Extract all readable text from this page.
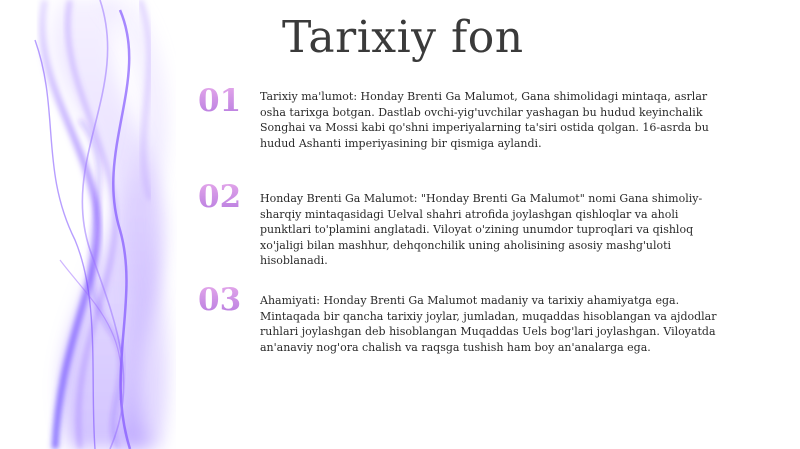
Tarixiy fon
01	Tarixiy ma'lumot: Honday Brenti Ga Malumot, Gana shimolidagi mintaqa, asrlar osha tarixga botgan. Dastlab ovchi-yig'uvchilar yashagan bu hudud keyinchalik Songhai va Mossi kabi qo'shni imperiyalarning ta'siri ostida qolgan. 16-asrda bu hudud Ashanti imperiyasining bir qismiga aylandi.
02	Honday Brenti Ga Malumot: "Honday Brenti Ga Malumot" nomi Gana shimoliy-sharqiy mintaqasidagi Uelval shahri atrofida joylashgan qishloqlar va aholi punktlari to'plamini anglatadi. Viloyat o'zining unumdor tuproqlari va qishloq xo'jaligi bilan mashhur, dehqonchilik uning aholisining asosiy mashg'uloti hisoblanadi.
03	Ahamiyati: Honday Brenti Ga Malumot madaniy va tarixiy ahamiyatga ega. Mintaqada bir qancha tarixiy joylar, jumladan, muqaddas hisoblangan va ajdodlar ruhlari joylashgan deb hisoblangan Muqaddas Uels bog'lari joylashgan. Viloyatda an'anaviy nog'ora chalish va raqsga tushish ham boy an'analarga ega.
